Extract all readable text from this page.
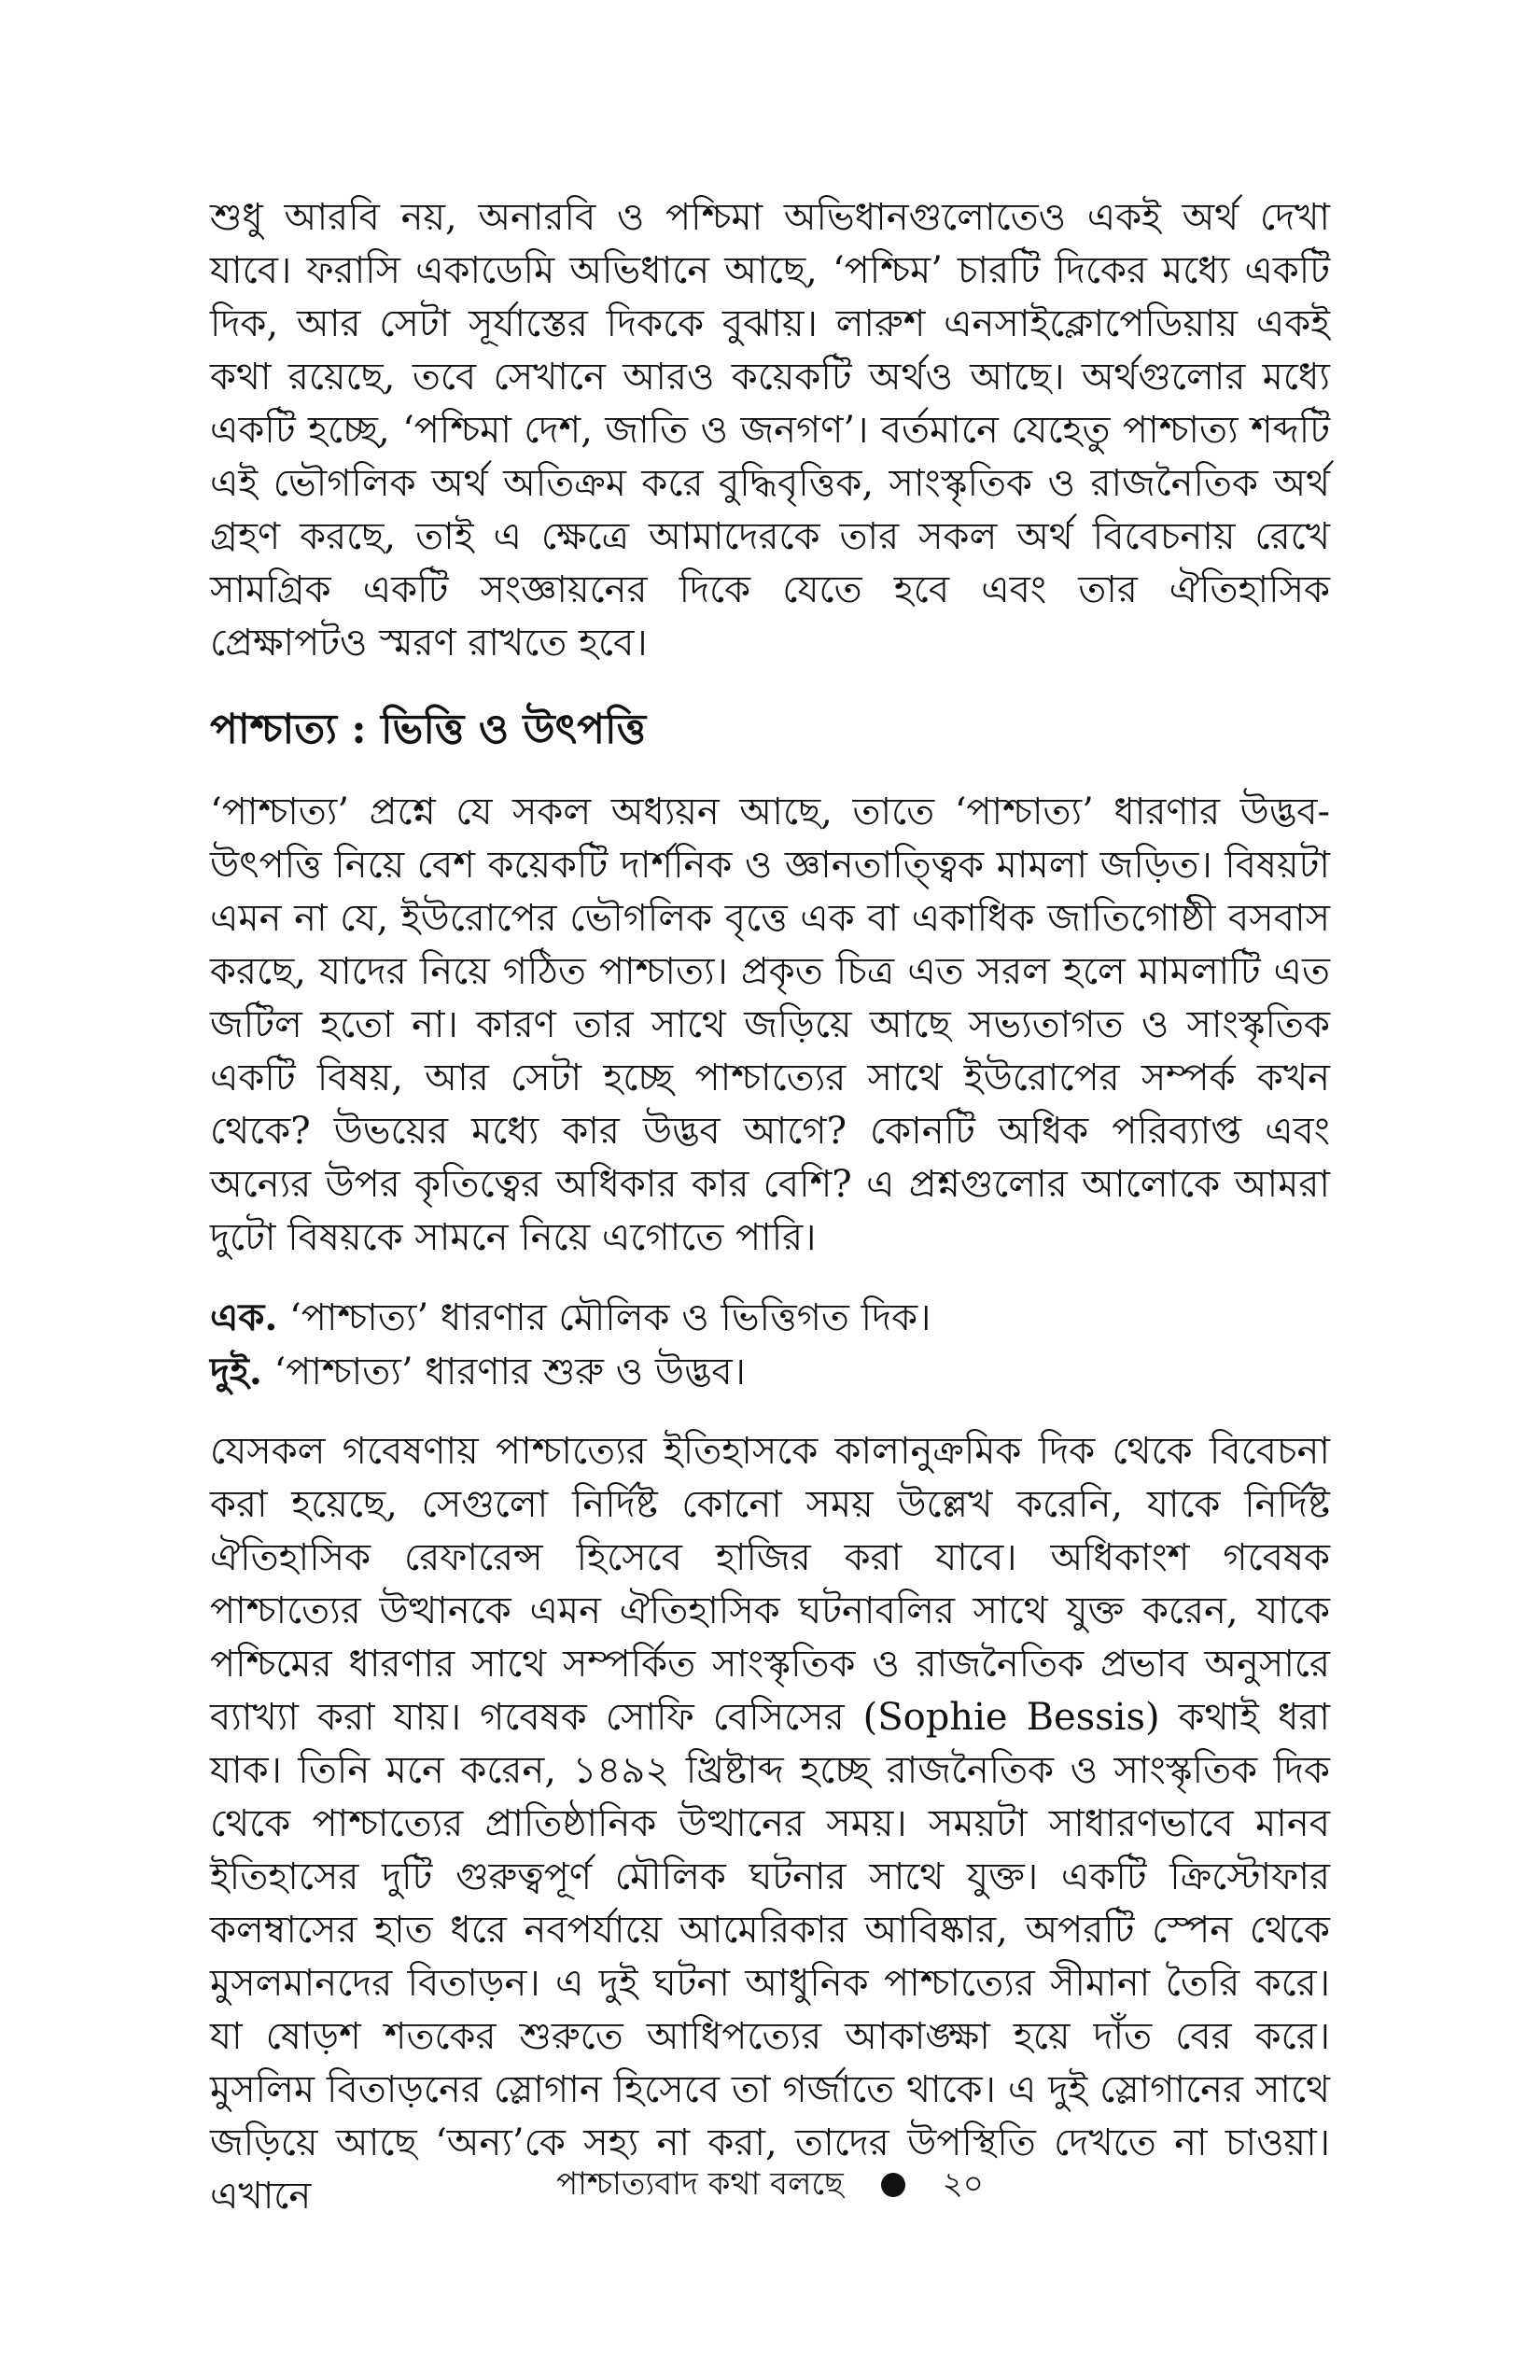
শুধু আরবি নয়, অনারবি ও পশ্চিমা অভিধানগুলোতেও একই অর্থ দেখা যাবে। ফরাসি একাডেমি অভিধানে আছে, ‘পশ্চিম’ চারটি দিকের মধ্যে একটি দিক, আর সেটা সূর্যাস্তের দিককে বুঝায়। লারুশ এনসাইক্লোপেডিয়ায় একই কথা রয়েছে, তবে সেখানে আরও কয়েকটি অর্থও আছে। অর্থগুলোর মধ্যে একটি হচ্ছে, ‘পশ্চিমা দেশ, জাতি ও জনগণ’। বর্তমানে যেহেতু পাশ্চাত্য শব্দটি এই ভৌগলিক অর্থ অতিক্রম করে বুদ্ধিবৃত্তিক, সাংস্কৃতিক ও রাজনৈতিক অর্থ গ্রহণ করছে, তাই এ ক্ষেত্রে আমাদেরকে তার সকল অর্থ বিবেচনায় রেখে সামগ্রিক একটি সংজ্ঞায়নের দিকে যেতে হবে এবং তার ঐতিহাসিক প্রেক্ষাপটও স্মরণ রাখতে হবে।

পাশ্চাত্য : ভিত্তি ও উৎপত্তি

‘পাশ্চাত্য’ প্রশ্নে যে সকল অধ্যয়ন আছে, তাতে ‘পাশ্চাত্য’ ধারণার উদ্ভব-উৎপত্তি নিয়ে বেশ কয়েকটি দার্শনিক ও জ্ঞানতাত্ত্বিক মামলা জড়িত। বিষয়টা এমন না যে, ইউরোপের ভৌগলিক বৃত্তে এক বা একাধিক জাতিগোষ্ঠী বসবাস করছে, যাদের নিয়ে গঠিত পাশ্চাত্য। প্রকৃত চিত্র এত সরল হলে মামলাটি এত জটিল হতো না। কারণ তার সাথে জড়িয়ে আছে সভ্যতাগত ও সাংস্কৃতিক একটি বিষয়, আর সেটা হচ্ছে পাশ্চাত্যের সাথে ইউরোপের সম্পর্ক কখন থেকে? উভয়ের মধ্যে কার উদ্ভব আগে? কোনটি অধিক পরিব্যাপ্ত এবং অন্যের উপর কৃতিত্বের অধিকার কার বেশি? এ প্রশ্নগুলোর আলোকে আমরা দুটো বিষয়কে সামনে নিয়ে এগোতে পারি।

এক. ‘পাশ্চাত্য’ ধারণার মৌলিক ও ভিত্তিগত দিক।

দুই. ‘পাশ্চাত্য’ ধারণার শুরু ও উদ্ভব।

যেসকল গবেষণায় পাশ্চাত্যের ইতিহাসকে কালানুক্রমিক দিক থেকে বিবেচনা করা হয়েছে, সেগুলো নির্দিষ্ট কোনো সময় উল্লেখ করেনি, যাকে নির্দিষ্ট ঐতিহাসিক রেফারেন্স হিসেবে হাজির করা যাবে। অধিকাংশ গবেষক পাশ্চাত্যের উত্থানকে এমন ঐতিহাসিক ঘটনাবলির সাথে যুক্ত করেন, যাকে পশ্চিমের ধারণার সাথে সম্পর্কিত সাংস্কৃতিক ও রাজনৈতিক প্রভাব অনুসারে ব্যাখ্যা করা যায়। গবেষক সোফি বেসিসের (Sophie Bessis) কথাই ধরা যাক। তিনি মনে করেন, ১৪৯২ খ্রিষ্টাব্দ হচ্ছে রাজনৈতিক ও সাংস্কৃতিক দিক থেকে পাশ্চাত্যের প্রাতিষ্ঠানিক উত্থানের সময়। সময়টা সাধারণভাবে মানব ইতিহাসের দুটি গুরুত্বপূর্ণ মৌলিক ঘটনার সাথে যুক্ত। একটি ক্রিস্টোফার কলম্বাসের হাত ধরে নবপর্যায়ে আমেরিকার আবিষ্কার, অপরটি স্পেন থেকে মুসলমানদের বিতাড়ন। এ দুই ঘটনা আধুনিক পাশ্চাত্যের সীমানা তৈরি করে। যা ষোড়শ শতকের শুরুতে আধিপত্যের আকাঙ্ক্ষা হয়ে দাঁত বের করে। মুসলিম বিতাড়নের স্লোগান হিসেবে তা গর্জাতে থাকে। এ দুই স্লোগানের সাথে জড়িয়ে আছে ‘অন্য’কে সহ্য না করা, তাদের উপস্থিতি দেখতে না চাওয়া। এখানে	পাশ্চাত্যবাদ কথা বলছে	২০
